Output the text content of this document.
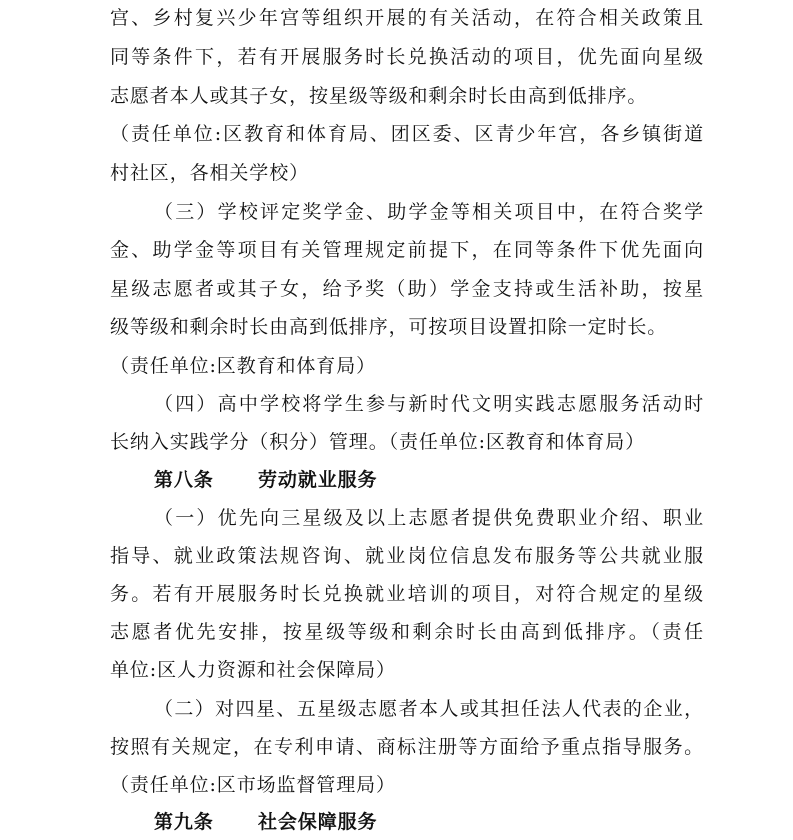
宫、乡村复兴少年宫等组织开展的有关活动，在符合相关政策且
同等条件下，若有开展服务时长兑换活动的项目，优先面向星级
志愿者本人或其子女，按星级等级和剩余时长由高到低排序。
（责任单位:区教育和体育局、团区委、区青少年宫，各乡镇街道
村社区，各相关学校）
（三）学校评定奖学金、助学金等相关项目中，在符合奖学
金、助学金等项目有关管理规定前提下，在同等条件下优先面向
星级志愿者或其子女，给予奖（助）学金支持或生活补助，按星
级等级和剩余时长由高到低排序，可按项目设置扣除一定时长。
（责任单位:区教育和体育局）
（四）高中学校将学生参与新时代文明实践志愿服务活动时
长纳入实践学分（积分）管理。（责任单位:区教育和体育局）
第八条 劳动就业服务
（一）优先向三星级及以上志愿者提供免费职业介绍、职业
指导、就业政策法规咨询、就业岗位信息发布服务等公共就业服
务。若有开展服务时长兑换就业培训的项目，对符合规定的星级
志愿者优先安排，按星级等级和剩余时长由高到低排序。（责任
单位:区人力资源和社会保障局）
（二）对四星、五星级志愿者本人或其担任法人代表的企业，
按照有关规定，在专利申请、商标注册等方面给予重点指导服务。
（责任单位:区市场监督管理局）
第九条 社会保障服务
